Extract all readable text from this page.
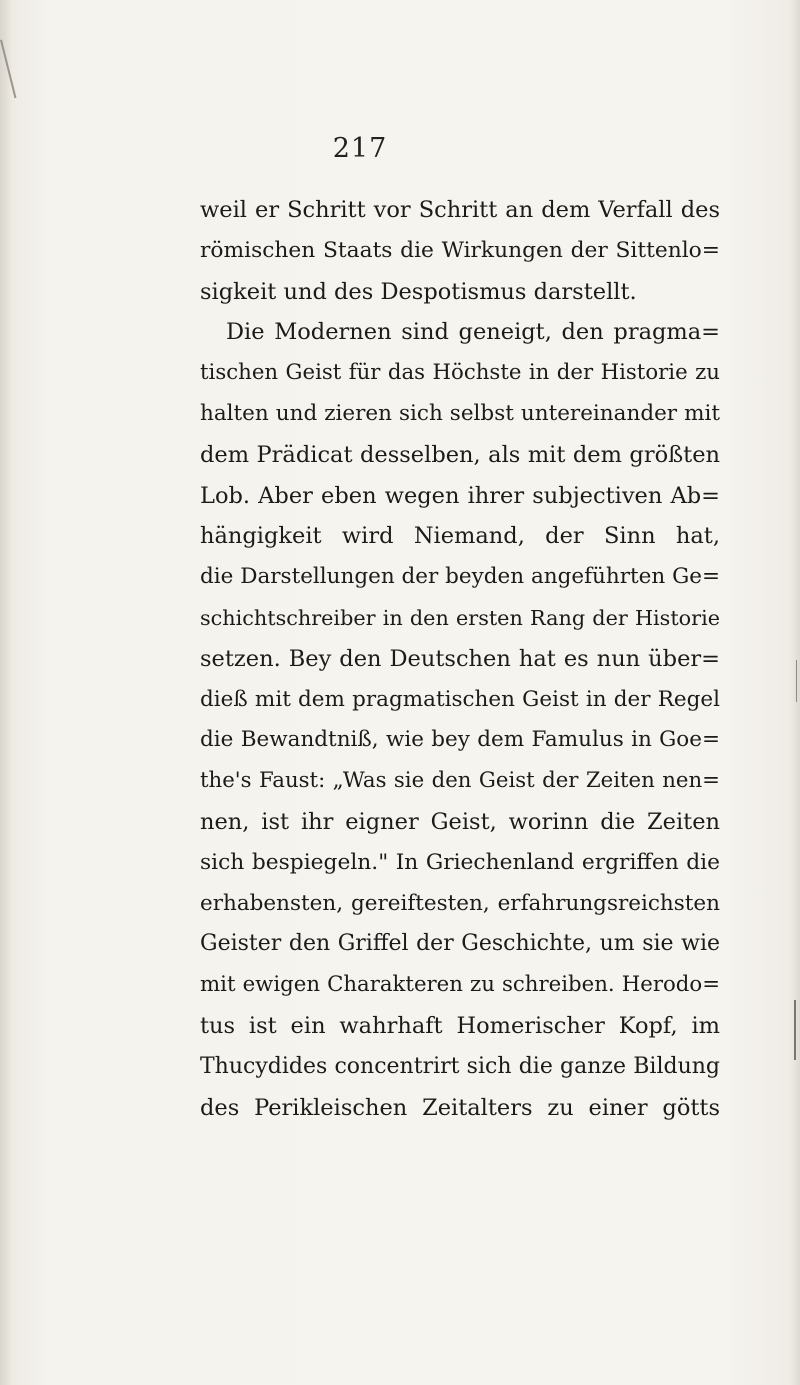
217
weil er Schritt vor Schritt an dem Verfall des
römischen Staats die Wirkungen der Sittenlo=
sigkeit und des Despotismus darstellt.
Die Modernen sind geneigt, den pragma=
tischen Geist für das Höchste in der Historie zu
halten und zieren sich selbst untereinander mit
dem Prädicat desselben, als mit dem größten
Lob. Aber eben wegen ihrer subjectiven Ab=
hängigkeit wird Niemand, der Sinn hat,
die Darstellungen der beyden angeführten Ge=
schichtschreiber in den ersten Rang der Historie
setzen. Bey den Deutschen hat es nun über=
dieß mit dem pragmatischen Geist in der Regel
die Bewandtniß, wie bey dem Famulus in Goe=
the's Faust: „Was sie den Geist der Zeiten nen=
nen, ist ihr eigner Geist, worinn die Zeiten
sich bespiegeln." In Griechenland ergriffen die
erhabensten, gereiftesten, erfahrungsreichsten
Geister den Griffel der Geschichte, um sie wie
mit ewigen Charakteren zu schreiben. Herodo=
tus ist ein wahrhaft Homerischer Kopf, im
Thucydides concentrirt sich die ganze Bildung
des Perikleischen Zeitalters zu einer götts
